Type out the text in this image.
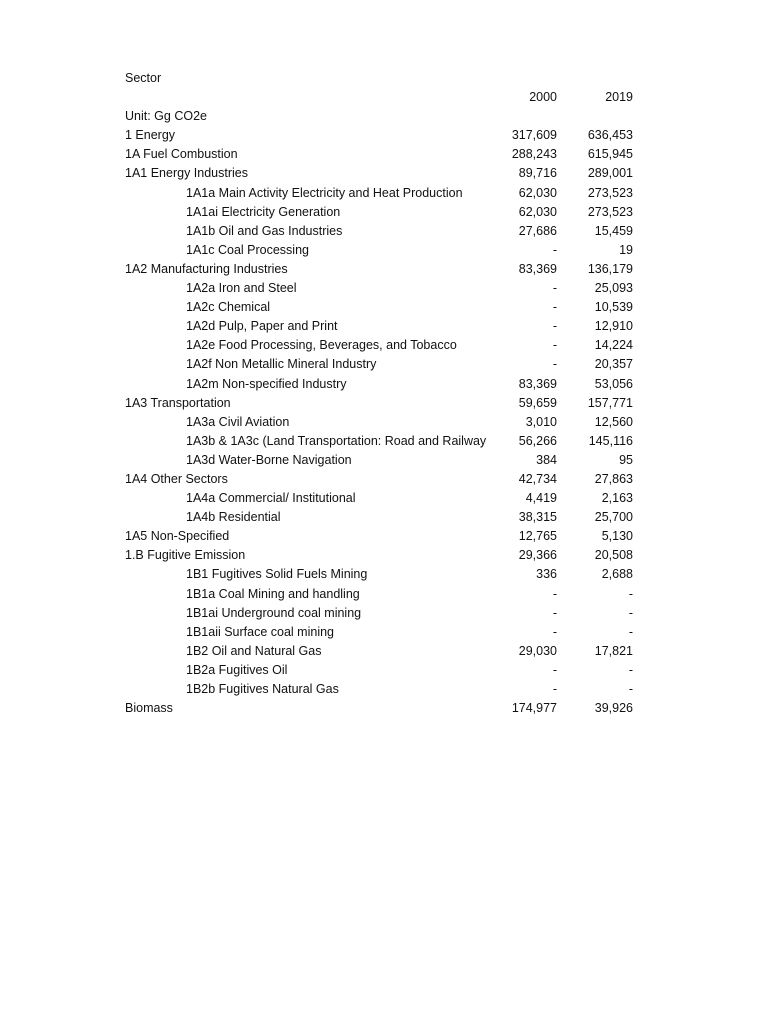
Sector
2000	2019
Unit: Gg CO2e
1 Energy	317,609	636,453
1A Fuel Combustion	288,243	615,945
1A1 Energy Industries	89,716	289,001
1A1a Main Activity Electricity and Heat Production	62,030	273,523
1A1ai Electricity Generation	62,030	273,523
1A1b Oil and Gas Industries	27,686	15,459
1A1c Coal Processing	-	19
1A2 Manufacturing Industries	83,369	136,179
1A2a Iron and Steel	-	25,093
1A2c Chemical	-	10,539
1A2d Pulp, Paper and Print	-	12,910
1A2e Food Processing, Beverages, and Tobacco	-	14,224
1A2f Non Metallic Mineral Industry	-	20,357
1A2m Non-specified Industry	83,369	53,056
1A3 Transportation	59,659	157,771
1A3a Civil Aviation	3,010	12,560
1A3b & 1A3c (Land Transportation: Road and Railway	56,266	145,116
1A3d Water-Borne Navigation	384	95
1A4 Other Sectors	42,734	27,863
1A4a Commercial/ Institutional	4,419	2,163
1A4b Residential	38,315	25,700
1A5 Non-Specified	12,765	5,130
1.B Fugitive Emission	29,366	20,508
1B1 Fugitives Solid Fuels Mining	336	2,688
1B1a Coal Mining and handling	-	-
1B1ai Underground coal mining	-	-
1B1aii Surface coal mining	-	-
1B2 Oil and Natural Gas	29,030	17,821
1B2a Fugitives Oil	-	-
1B2b Fugitives Natural Gas	-	-
Biomass	174,977	39,926
